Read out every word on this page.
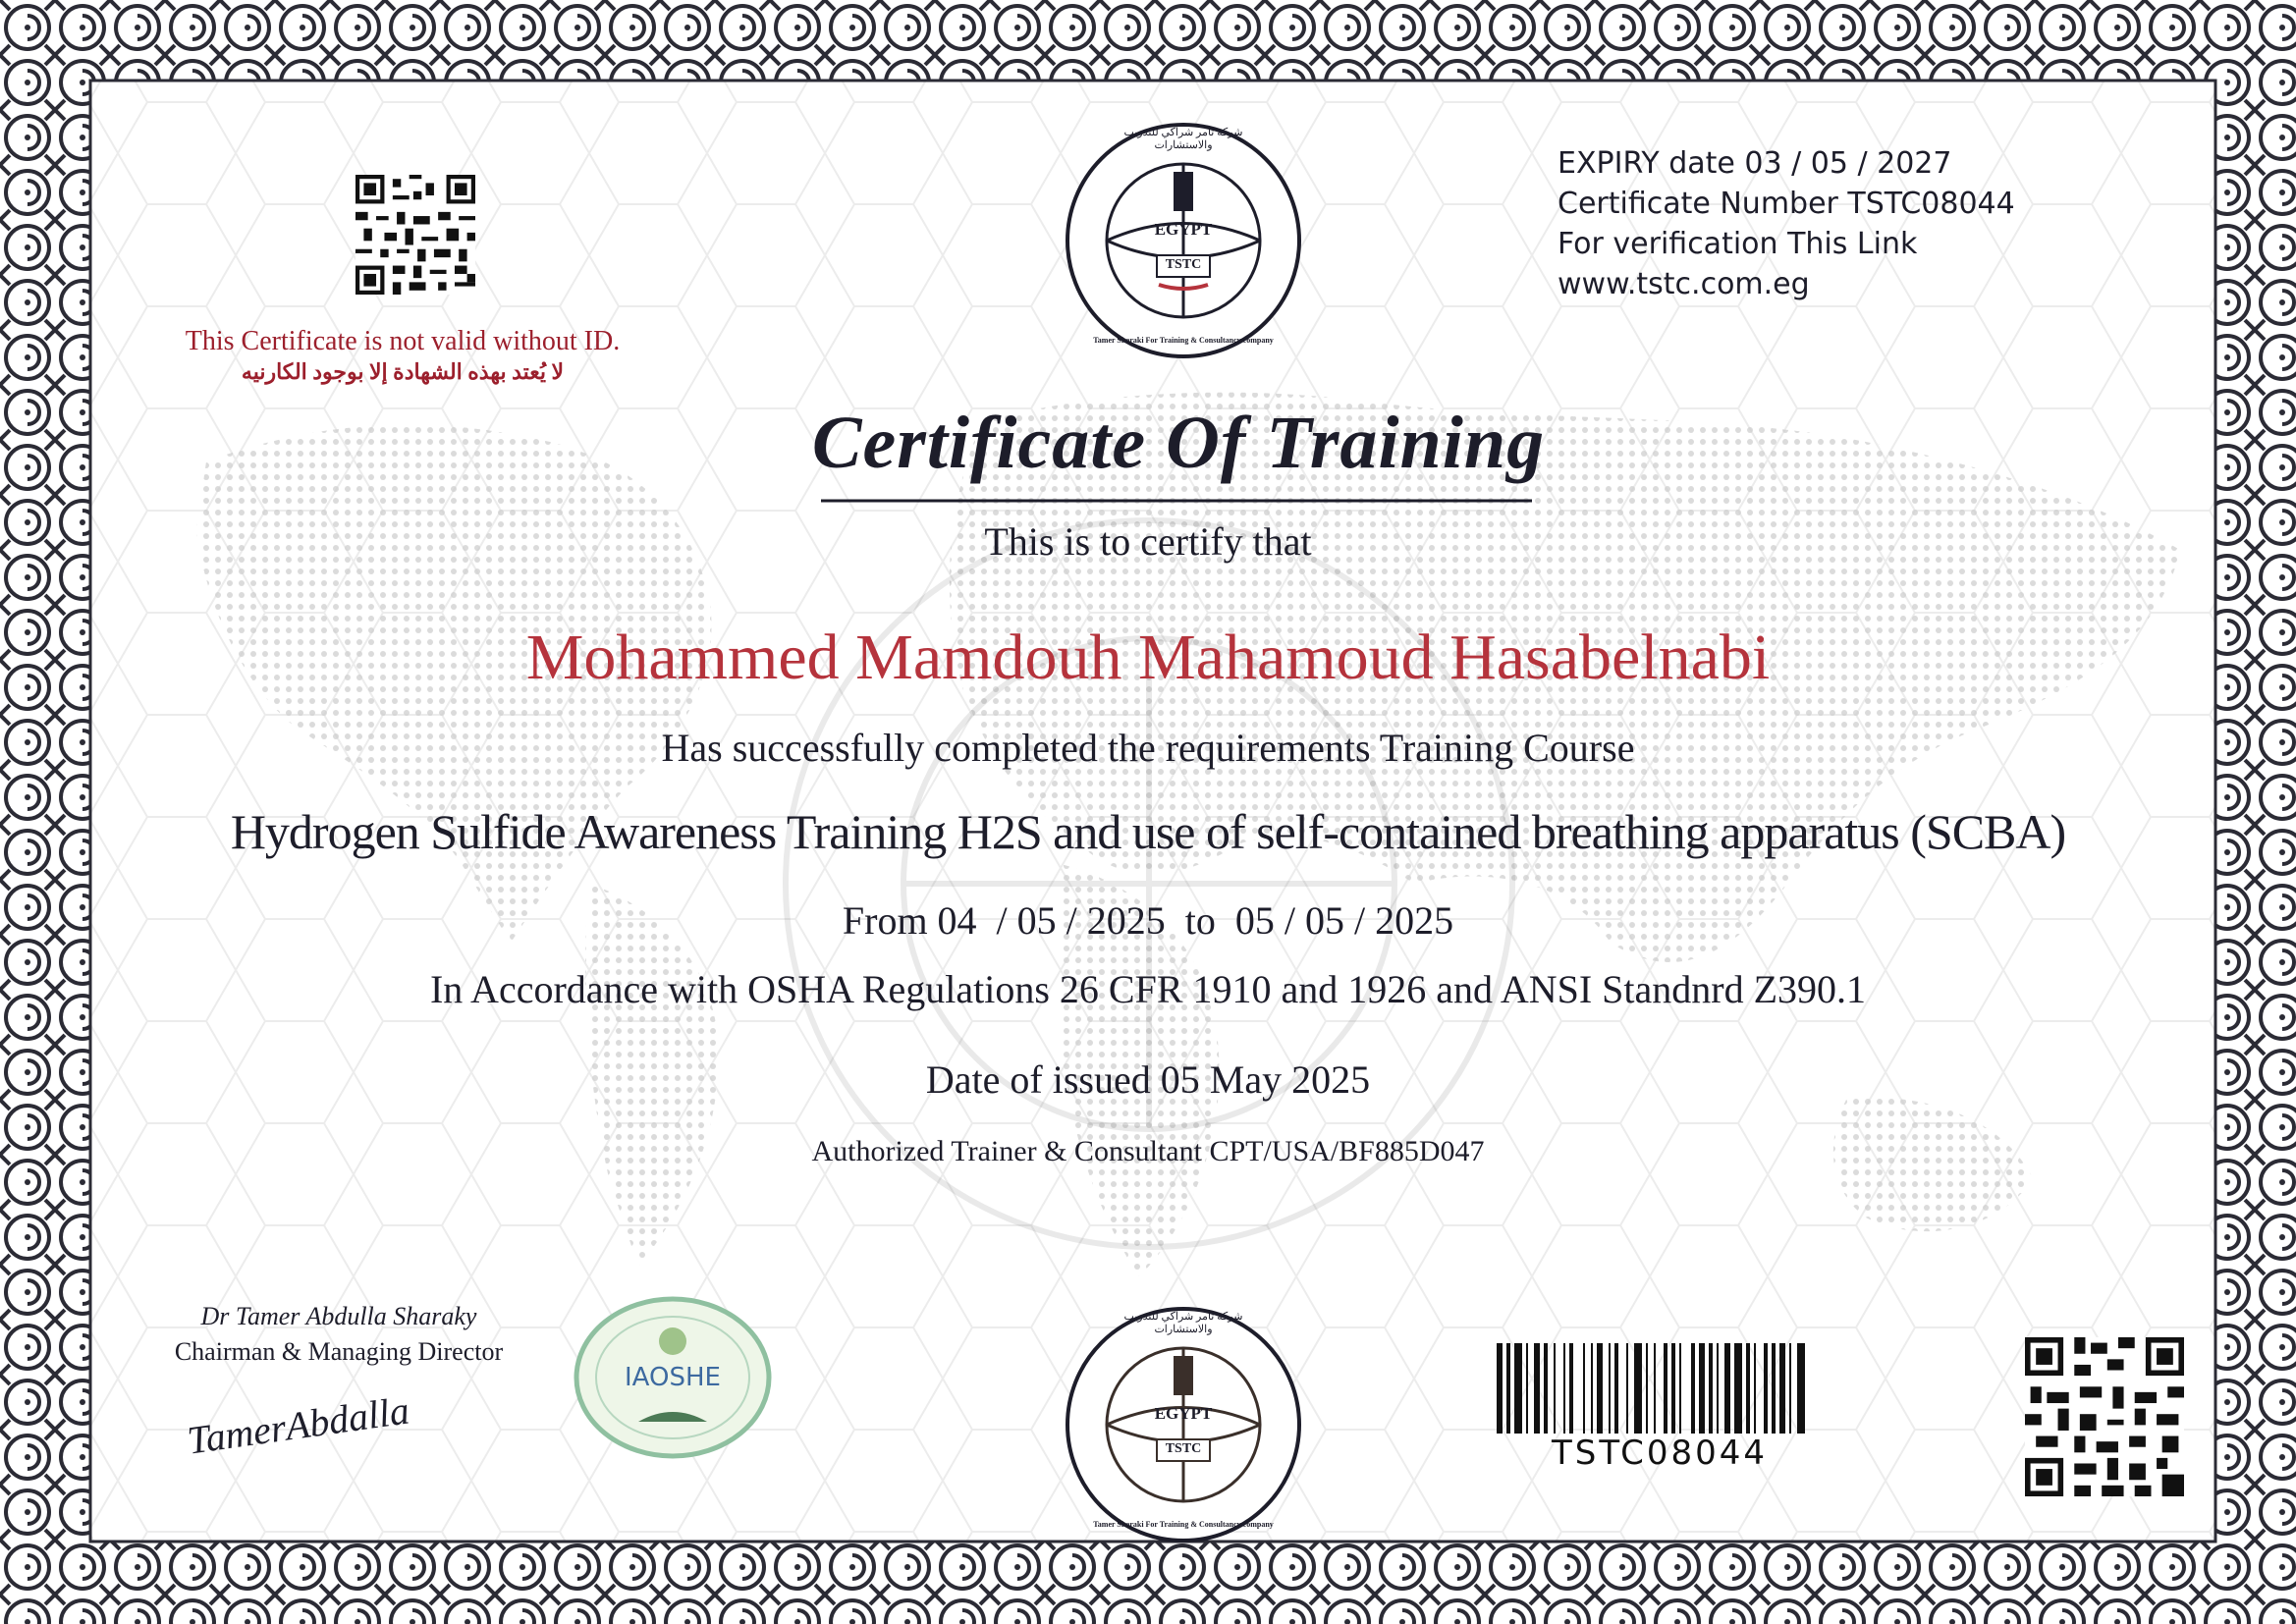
This Certificate is not valid without ID.
لا يُعتد بهذه الشهادة إلا بوجود الكارنيه
EGYPT
TSTC
شركة تامر شراكي للتدريب والاستشارات
Tamer Sharaki For Training & Consultancy company
EXPIRY date 03 / 05 / 2027
Certificate Number TSTC08044
For verification This Link
www.tstc.com.eg
Certificate Of Training
This is to certify that
Mohammed Mamdouh Mahamoud Hasabelnabi
Has successfully completed the requirements Training Course
Hydrogen Sulfide Awareness Training H2S and use of self-contained breathing apparatus (SCBA)
From 04  / 05 / 2025  to  05 / 05 / 2025
In Accordance with OSHA Regulations 26 CFR 1910 and 1926 and ANSI Standnrd Z390.1
Date of issued 05 May 2025
Authorized Trainer & Consultant CPT/USA/BF885D047
Dr Tamer Abdulla Sharaky
Chairman & Managing Director
TamerAbdalla
IAOSHE
EGYPT
TSTC
شركة تامر شراكي للتدريب والاستشارات
Tamer Sharaki For Training & Consultancy company
TSTC08044
